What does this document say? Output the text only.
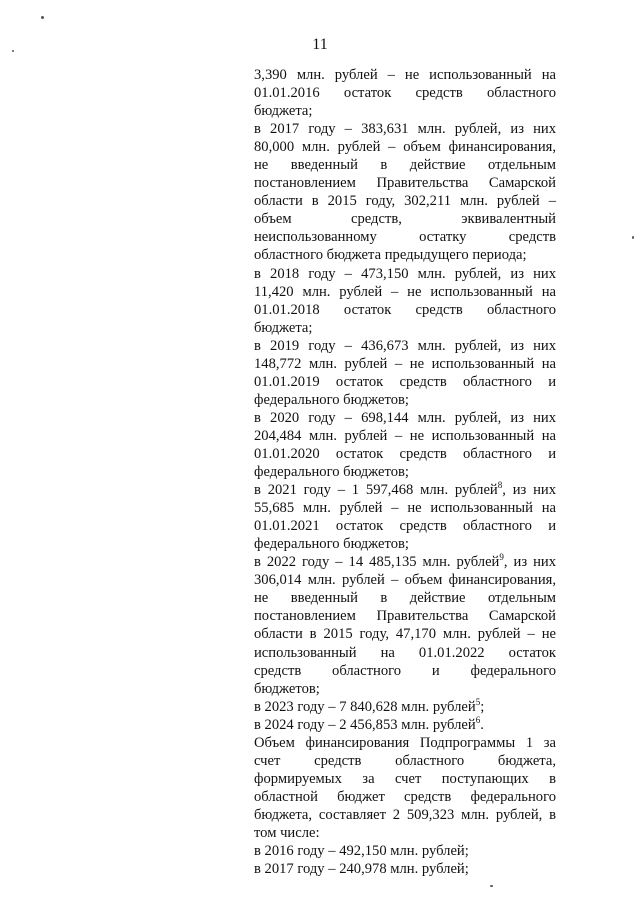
11
3,390 млн. рублей – не использованный на
01.01.2016 остаток средств областного
бюджета;
в 2017 году – 383,631 млн. рублей, из них
80,000 млн. рублей – объем финансирования,
не введенный в действие отдельным
постановлением Правительства Самарской
области в 2015 году, 302,211 млн. рублей –
объем средств, эквивалентный
неиспользованному остатку средств
областного бюджета предыдущего периода;
в 2018 году – 473,150 млн. рублей, из них
11,420 млн. рублей – не использованный на
01.01.2018 остаток средств областного
бюджета;
в 2019 году – 436,673 млн. рублей, из них
148,772 млн. рублей – не использованный на
01.01.2019 остаток средств областного и
федерального бюджетов;
в 2020 году – 698,144 млн. рублей, из них
204,484 млн. рублей – не использованный на
01.01.2020 остаток средств областного и
федерального бюджетов;
в 2021 году – 1 597,468 млн. рублей$^8$, из них
55,685 млн. рублей – не использованный на
01.01.2021 остаток средств областного и
федерального бюджетов;
в 2022 году – 14 485,135 млн. рублей$^9$, из них
306,014 млн. рублей – объем финансирования,
не введенный в действие отдельным
постановлением Правительства Самарской
области в 2015 году, 47,170 млн. рублей – не
использованный на 01.01.2022 остаток
средств областного и федерального
бюджетов;
в 2023 году – 7 840,628 млн. рублей$^5$;
в 2024 году – 2 456,853 млн. рублей$^6$.
Объем финансирования Подпрограммы 1 за
счет средств областного бюджета,
формируемых за счет поступающих в
областной бюджет средств федерального
бюджета, составляет 2 509,323 млн. рублей, в
том числе:
в 2016 году – 492,150 млн. рублей;
в 2017 году – 240,978 млн. рублей;
